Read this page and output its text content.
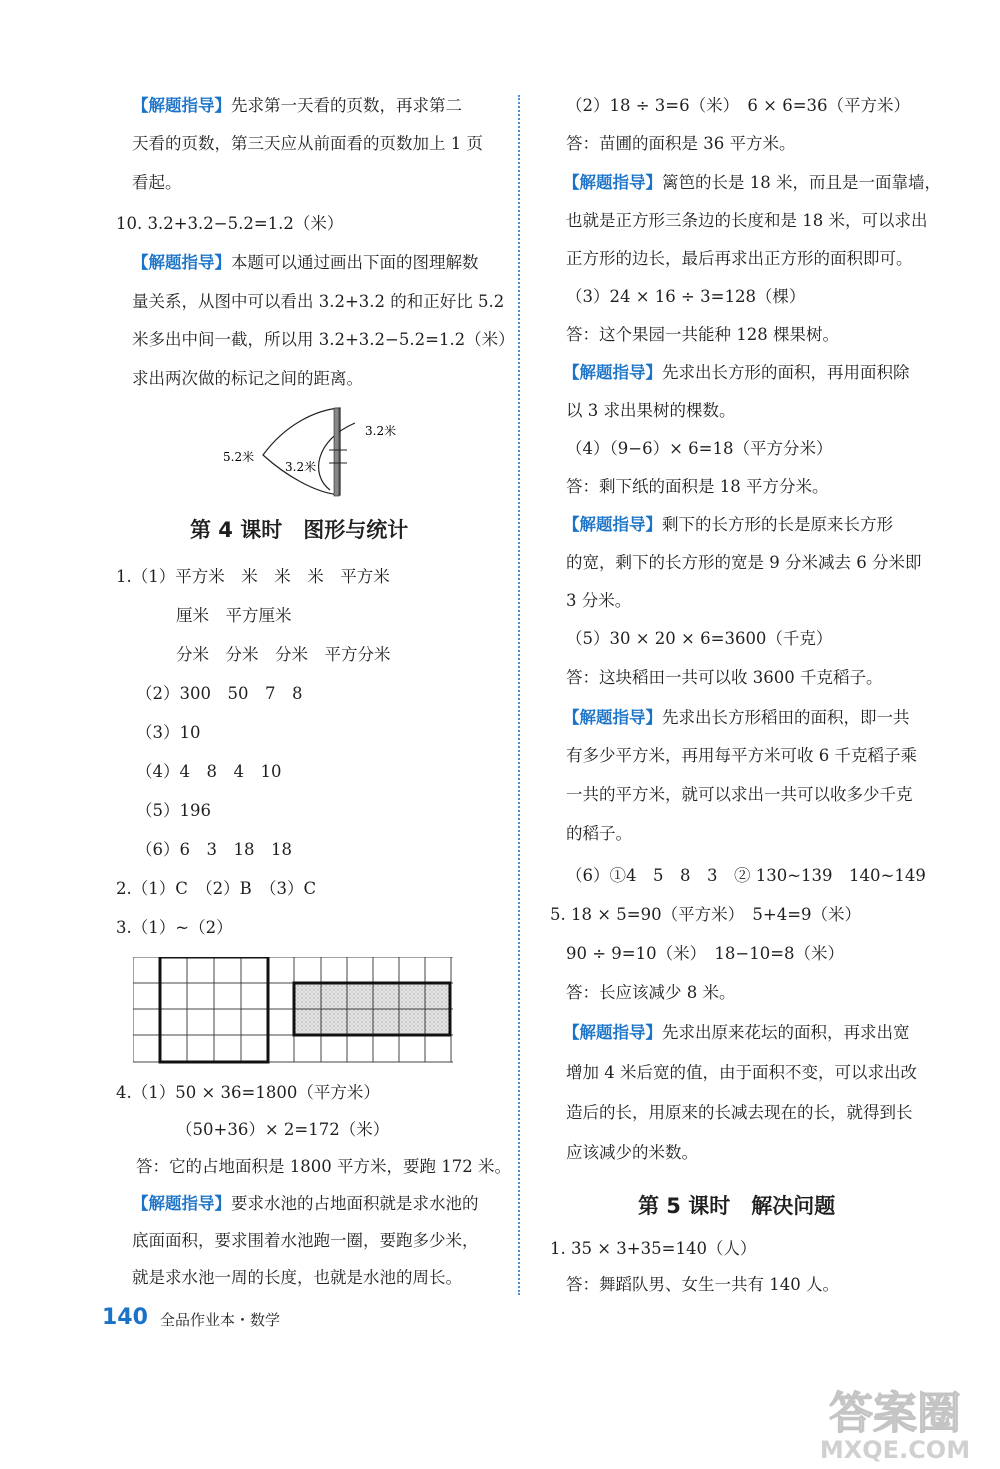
【解题指导】先求第一天看的页数，再求第二
天看的页数，第三天应从前面看的页数加上 1 页
看起。
10. 3.2+3.2−5.2=1.2（米）
【解题指导】本题可以通过画出下面的图理解数
量关系，从图中可以看出 3.2+3.2 的和正好比 5.2
米多出中间一截，所以用 3.2+3.2−5.2=1.2（米）
求出两次做的标记之间的距离。
5.2米
3.2米
3.2米
第 4 课时　图形与统计
1.（1）平方米　米　米　米　平方米
厘米　平方厘米
分米　分米　分米　平方分米
（2）300　50　7　8
（3）10
（4）4　8　4　10
（5）196
（6）6　3　18　18
2.（1）C　（2）B　（3）C
3.（1）~（2）
4.（1）50 × 36=1800（平方米）
（50+36）× 2=172（米）
答：它的占地面积是 1800 平方米，要跑 172 米。
【解题指导】要求水池的占地面积就是求水池的
底面面积，要求围着水池跑一圈，要跑多少米，
就是求水池一周的长度，也就是水池的周长。
（2）18 ÷ 3=6（米）　6 × 6=36（平方米）
答：苗圃的面积是 36 平方米。
【解题指导】篱笆的长是 18 米，而且是一面靠墙，
也就是正方形三条边的长度和是 18 米，可以求出
正方形的边长，最后再求出正方形的面积即可。
（3）24 × 16 ÷ 3=128（棵）
答：这个果园一共能种 128 棵果树。
【解题指导】先求出长方形的面积，再用面积除
以 3 求出果树的棵数。
（4）（9−6）× 6=18（平方分米）
答：剩下纸的面积是 18 平方分米。
【解题指导】剩下的长方形的长是原来长方形
的宽，剩下的长方形的宽是 9 分米减去 6 分米即
3 分米。
（5）30 × 20 × 6=3600（千克）
答：这块稻田一共可以收 3600 千克稻子。
【解题指导】先求出长方形稻田的面积，即一共
有多少平方米，再用每平方米可收 6 千克稻子乘
一共的平方米，就可以求出一共可以收多少千克
的稻子。
（6）①4　5　8　3　② 130~139　140~149
5. 18 × 5=90（平方米）　5+4=9（米）
90 ÷ 9=10（米）　18−10=8（米）
答：长应该减少 8 米。
【解题指导】先求出原来花坛的面积，再求出宽
增加 4 米后宽的值，由于面积不变，可以求出改
造后的长，用原来的长减去现在的长，就得到长
应该减少的米数。
第 5 课时　解决问题
1. 35 × 3+35=140（人）
答：舞蹈队男、女生一共有 140 人。
140 全品作业本・数学
答案圈
MXQE.COM
